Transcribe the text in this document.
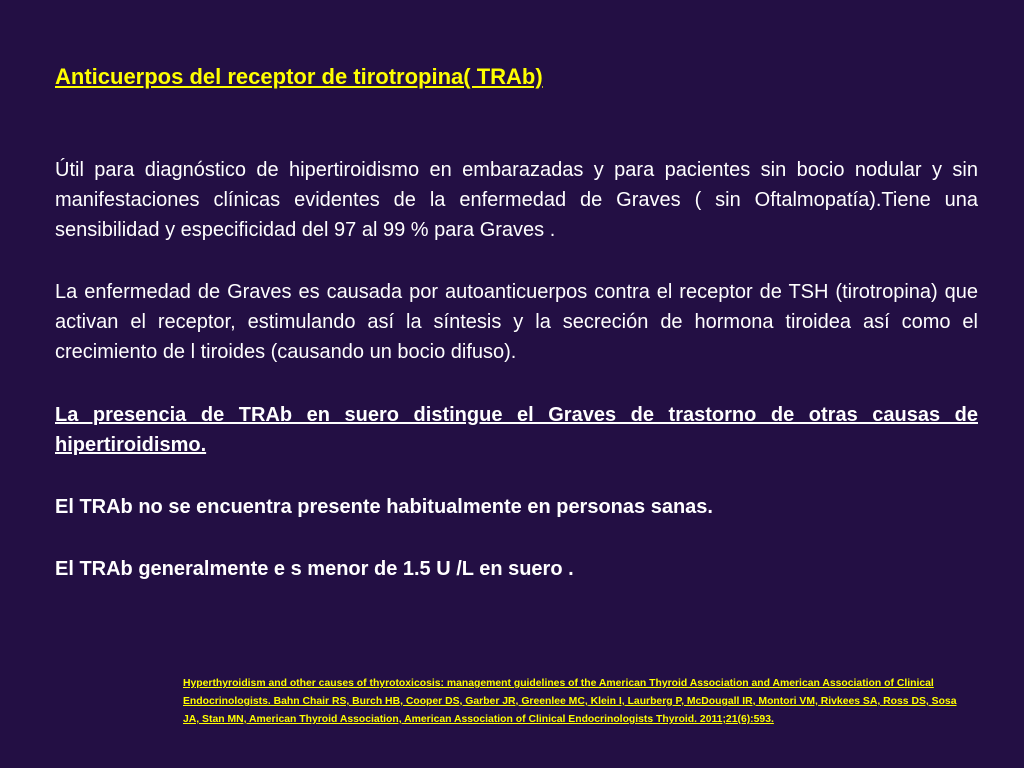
Anticuerpos del receptor de tirotropina( TRAb)
Útil para diagnóstico de hipertiroidismo en embarazadas y para pacientes sin bocio nodular y sin manifestaciones clínicas evidentes de la enfermedad de Graves ( sin Oftalmopatía).Tiene una sensibilidad y especificidad del 97 al 99 % para Graves .
La enfermedad de Graves es causada por autoanticuerpos contra el receptor de TSH (tirotropina) que activan el receptor, estimulando así la síntesis y la secreción de hormona tiroidea así como el crecimiento de l tiroides (causando un bocio difuso).
La presencia de TRAb en suero distingue el Graves de trastorno de otras causas de hipertiroidismo.
El TRAb no se encuentra presente habitualmente en personas sanas.
El TRAb generalmente e s menor de 1.5 U /L en suero .
Hyperthyroidism and other causes of thyrotoxicosis: management guidelines of the American Thyroid Association and American Association of Clinical Endocrinologists. Bahn Chair RS, Burch HB, Cooper DS, Garber JR, Greenlee MC, Klein I, Laurberg P, McDougall IR, Montori VM, Rivkees SA, Ross DS, Sosa JA, Stan MN, American Thyroid Association, American Association of Clinical Endocrinologists Thyroid. 2011;21(6):593.
